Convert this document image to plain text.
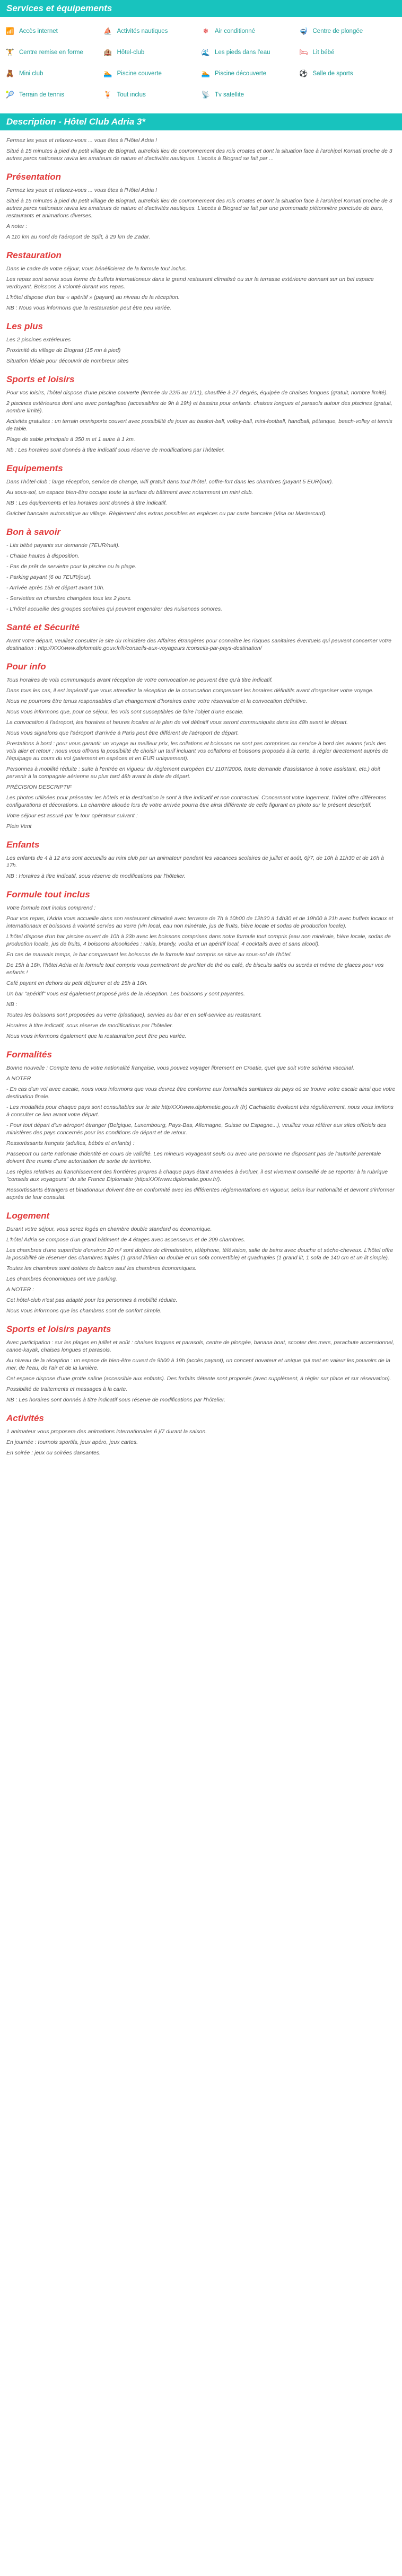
Services et équipements
📶 Accès internet	⛵ Activités nautiques	❄	Air conditionné	🤿 Centre de plongée
🏋 Centre remise en forme	🏨 Hôtel-club	🌊 Les pieds dans l'eau	🛏 Lit bébé
🧸 Mini club	🏊 Piscine couverte	🏊 Piscine découverte	⚽ Salle de sports
🎾 Terrain de tennis	🍹 Tout inclus	📡 Tv satellite
Description - Hôtel Club Adria 3*

Fermez les yeux et relaxez-vous ... vous êtes à l'Hôtel Adria !

Situé à 15 minutes à pied du petit village de Biograd, autrefois lieu de couronnement des rois croates et dont la situation face à l'archipel Kornati proche de 3 autres parcs nationaux ravira les amateurs de nature et d'activités nautiques. L'accès à Biograd se fait par ...

Présentation

Fermez les yeux et relaxez-vous ... vous êtes à l'Hôtel Adria !

Situé à 15 minutes à pied du petit village de Biograd, autrefois lieu de couronnement des rois croates et dont la situation face à l'archipel Kornati proche de 3 autres parcs nationaux ravira les amateurs de nature et d'activités nautiques. L'accès à Biograd se fait par une promenade piétonnière ponctuée de bars, restaurants et animations diverses.

A noter :

A 110 km au nord de l'aéroport de Split, à 29 km de Zadar.

Restauration

Dans le cadre de votre séjour, vous bénéficierez de la formule tout inclus.

Les repas sont servis sous forme de buffets internationaux dans le grand restaurant climatisé ou sur la terrasse extérieure donnant sur un bel espace verdoyant. Boissons à volonté durant vos repas.

L'hôtel dispose d'un bar « apéritif » (payant) au niveau de la réception.

NB : Nous vous informons que la restauration peut être peu variée.

Les plus

Les 2 piscines extérieures

Proximité du village de Biograd (15 mn à pied)

Situation idéale pour découvrir de nombreux sites

Sports et loisirs

Pour vos loisirs, l'hôtel dispose d'une piscine couverte (fermée du 22/5 au 1/11), chauffée à 27 degrés, équipée de chaises longues (gratuit, nombre limité).

2 piscines extérieures dont une avec pentaglisse (accessibles de 9h à 19h) et bassins pour enfants. chaises longues et parasols autour des piscines (gratuit, nombre limité).

Activités gratuites : un terrain omnisports couvert avec possibilité de jouer au basket-ball, volley-ball, mini-football, handball, pétanque, beach-volley et tennis de table.

Plage de sable principale à 350 m et 1 autre à 1 km.

Nb : Les horaires sont donnés à titre indicatif sous réserve de modifications par l'hôtelier.

Equipements

Dans l'hôtel-club : large réception, service de change, wifi gratuit dans tout l'hôtel, coffre-fort dans les chambres (payant 5 EUR/jour).

Au sous-sol, un espace bien-être occupe toute la surface du bâtiment avec notamment un mini club.

NB : Les équipements et les horaires sont donnés à titre indicatif.

Guichet bancaire automatique au village. Règlement des extras possibles en espèces ou par carte bancaire (Visa ou Mastercard).

Bon à savoir

- Lits bébé payants sur demande (7EUR/nuit).

- Chaise hautes à disposition.

- Pas de prêt de serviette pour la piscine ou la plage.

- Parking payant (6 ou 7EUR/jour).

- Arrivée après 15h et départ avant 10h.

- Serviettes en chambre changées tous les 2 jours.

- L'hôtel accueille des groupes scolaires qui peuvent engendrer des nuisances sonores.

Santé et Sécurité

Avant votre départ, veuillez consulter le site du ministère des Affaires étrangères pour connaître les risques sanitaires éventuels qui peuvent concerner votre destination : http://XXXwww.diplomatie.gouv.fr/fr/conseils-aux-voyageurs /conseils-par-pays-destination/

Pour info

Tous horaires de vols communiqués avant réception de votre convocation ne peuvent être qu'à titre indicatif.

Dans tous les cas, il est impératif que vous attendiez la réception de la convocation comprenant les horaires définitifs avant d'organiser votre voyage.

Nous ne pourrons être tenus responsables d'un changement d'horaires entre votre réservation et la convocation définitive.

Nous vous informons que, pour ce séjour, les vols sont susceptibles de faire l'objet d'une escale.

La convocation à l'aéroport, les horaires et heures locales et le plan de vol définitif vous seront communiqués dans les 48h avant le départ.

Nous vous signalons que l'aéroport d'arrivée à Paris peut être différent de l'aéroport de départ.

Prestations à bord : pour vous garantir un voyage au meilleur prix, les collations et boissons ne sont pas comprises ou service à bord des avions (vols des vols aller et retour ; nous vous offrons la possibilité de choisir un tarif incluant vos collations et boissons proposés à la carte, à régler directement auprès de l'équipage au cours du vol (paiement en espèces et en EUR uniquement).

Personnes à mobilité réduite : suite à l'entrée en vigueur du règlement européen EU 1107/2006, toute demande d'assistance à notre assistant, etc.) doit parvenir à la compagnie aérienne au plus tard 48h avant la date de départ.

PRÉCISION DESCRIPTIF

Les photos utilisées pour présenter les hôtels et la destination le sont à titre indicatif et non contractuel. Concernant votre logement, l'hôtel offre différentes configurations et décorations. La chambre allouée lors de votre arrivée pourra être ainsi différente de celle figurant en photo sur le présent descriptif.

Votre séjour est assuré par le tour opérateur suivant :

Plein Vent

Enfants

Les enfants de 4 à 12 ans sont accueillis au mini club par un animateur pendant les vacances scolaires de juillet et août, 6j/7, de 10h à 11h30 et de 16h à 17h.

NB : Horaires à titre indicatif, sous réserve de modifications par l'hôtelier.

Formule tout inclus

Votre formule tout inclus comprend :

Pour vos repas, l'Adria vous accueille dans son restaurant climatisé avec terrasse de 7h à 10h00 de 12h30 à 14h30 et de 19h00 à 21h avec buffets locaux et internationaux et boissons à volonté servies au verre (vin local, eau non minérale, jus de fruits, bière locale et sodas de production locale).

L'hôtel dispose d'un bar piscine ouvert de 10h à 23h avec les boissons comprises dans notre formule tout compris (eau non minérale, bière locale, sodas de production locale, jus de fruits, 4 boissons alcoolisées : rakia, brandy, vodka et un apéritif local, 4 cocktails avec et sans alcool).

En cas de mauvais temps, le bar comprenant les boissons de la formule tout compris se situe au sous-sol de l'hôtel.

De 15h à 16h, l'hôtel Adria et la formule tout compris vous permettront de profiter de thé ou café, de biscuits salés ou sucrés et même de glaces pour vos enfants !

Café payant en dehors du petit déjeuner et de 15h à 16h.

Un bar "apéritif" vous est également proposé près de la réception. Les boissons y sont payantes.

NB :

Toutes les boissons sont proposées au verre (plastique), servies au bar et en self-service au restaurant.

Horaires à titre indicatif, sous réserve de modifications par l'hôtelier.

Nous vous informons également que la restauration peut être peu variée.

Formalités

Bonne nouvelle : Compte tenu de votre nationalité française, vous pouvez voyager librement en Croatie, quel que soit votre schéma vaccinal.

A NOTER

- En cas d'un vol avec escale, nous vous informons que vous devrez être conforme aux formalités sanitaires du pays où se trouve votre escale ainsi que votre destination finale.

- Les modalités pour chaque pays sont consultables sur le site httpXXXwww.diplomatie.gouv.fr (fr) Cachalette évoluent très régulièrement, nous vous invitons à consulter ce lien avant votre départ.

- Pour tout départ d'un aéroport étranger (Belgique, Luxembourg, Pays-Bas, Allemagne, Suisse ou Espagne...), veuillez vous référer aux sites officiels des ministères des pays concernés pour les conditions de départ et de retour.

Ressortissants français (adultes, bébés et enfants) :

Passeport ou carte nationale d'identité en cours de validité. Les mineurs voyageant seuls ou avec une personne ne disposant pas de l'autorité parentale doivent être munis d'une autorisation de sortie de territoire.

Les règles relatives au franchissement des frontières propres à chaque pays étant amenées à évoluer, il est vivement conseillé de se reporter à la rubrique "conseils aux voyageurs" du site France Diplomatie (httpsXXXwww.diplomatie.gouv.fr/).

Ressortissants étrangers et binationaux doivent être en conformité avec les différentes réglementations en vigueur, selon leur nationalité et devront s'informer auprès de leur consulat.

Logement

Durant votre séjour, vous serez logés en chambre double standard ou économique.

L'hôtel Adria se compose d'un grand bâtiment de 4 étages avec ascenseurs et de 209 chambres.

Les chambres d'une superficie d'environ 20 m² sont dotées de climatisation, téléphone, télévision, salle de bains avec douche et sèche-cheveux. L'hôtel offre la possibilité de réserver des chambres triples (1 grand lit/lien ou double et un sofa convertible) et quadruples (1 grand lit, 1 sofa de 140 cm et un lit simple).

Toutes les chambres sont dotées de balcon sauf les chambres économiques.

Les chambres économiques ont vue parking.

A NOTER :

Cet hôtel-club n'est pas adapté pour les personnes à mobilité réduite.

Nous vous informons que les chambres sont de confort simple.

Sports et loisirs payants

Avec participation : sur les plages en juillet et août : chaises longues et parasols, centre de plongée, banana boat, scooter des mers, parachute ascensionnel, canoë-kayak, chaises longues et parasols.

Au niveau de la réception : un espace de bien-être ouvert de 9h00 à 19h (accès payant), un concept novateur et unique qui met en valeur les pouvoirs de la mer, de l'eau, de l'air et de la lumière.

Cet espace dispose d'une grotte saline (accessible aux enfants). Des forfaits détente sont proposés (avec supplément, à régler sur place et sur réservation).

Possibilité de traitements et massages à la carte.

NB : Les horaires sont donnés à titre indicatif sous réserve de modifications par l'hôtelier.

Activités

1 animateur vous proposera des animations internationales 6 j/7 durant la saison.

En journée : tournois sportifs, jeux apéro, jeux cartes.

En soirée : jeux ou soirées dansantes.
